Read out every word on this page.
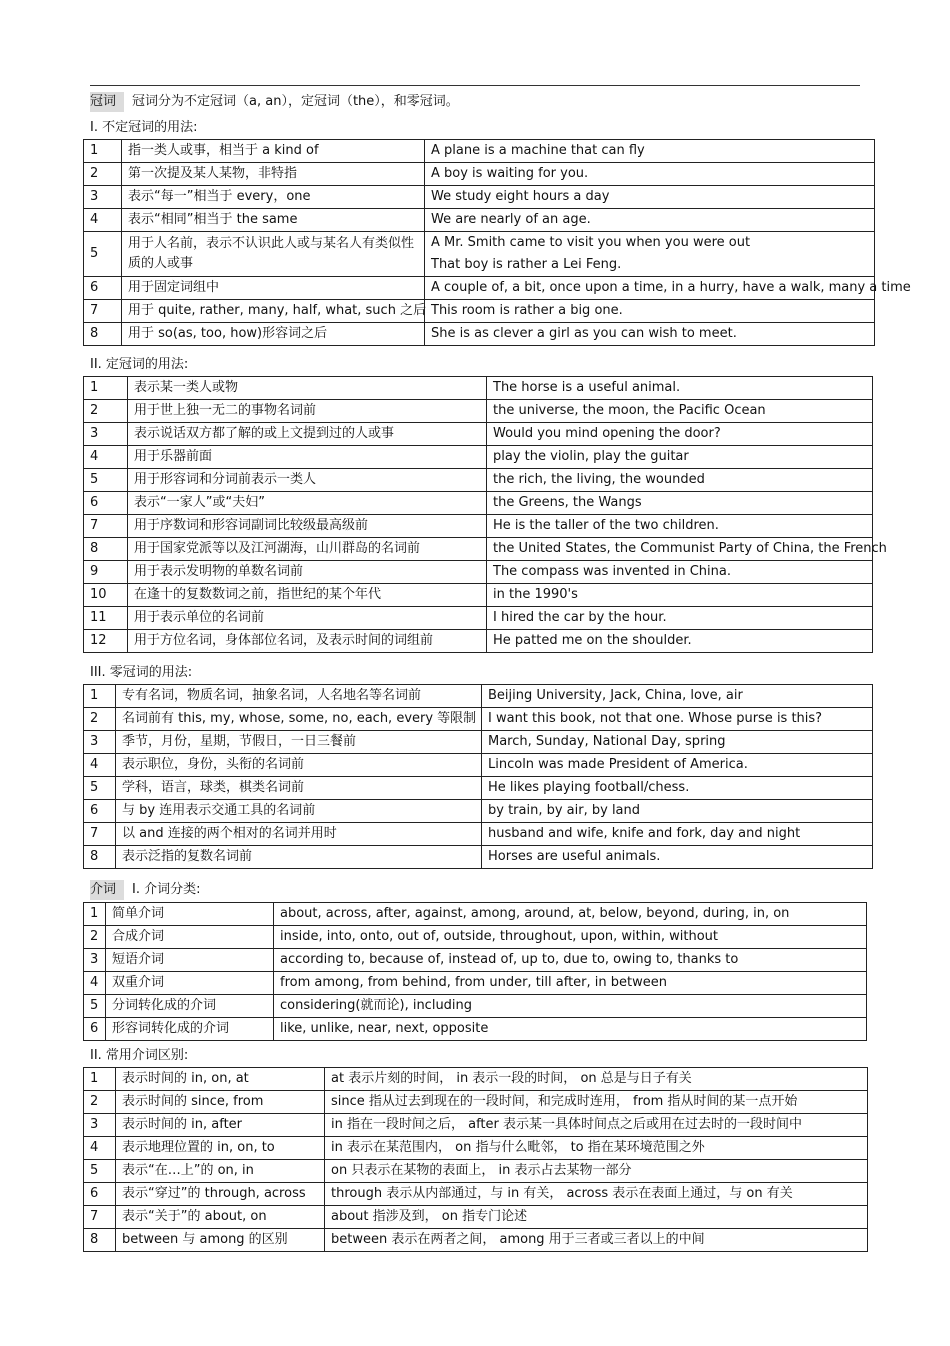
冠词 冠词分为不定冠词（a, an），定冠词（the），和零冠词。
I. 不定冠词的用法:
1	指一类人或事，相当于 a kind of	A plane is a machine that can fly
2	第一次提及某人某物，非特指	A boy is waiting for you.
3	表示“每一”相当于 every，one	We study eight hours a day
4	表示“相同”相当于 the same	We are nearly of an age.
5	用于人名前，表示不认识此人或与某名人有类似性质的人或事	A Mr. Smith came to visit you when you were out
That boy is rather a Lei Feng.

6	用于固定词组中	A couple of, a bit, once upon a time, in a hurry, have a walk, many a time
7	用于 quite, rather, many, half, what, such 之后	This room is rather a big one.
8	用于 so(as, too, how)形容词之后	She is as clever a girl as you can wish to meet.
II. 定冠词的用法:
1	表示某一类人或物	The horse is a useful animal.
2	用于世上独一无二的事物名词前	the universe, the moon, the Pacific Ocean
3	表示说话双方都了解的或上文提到过的人或事	Would you mind opening the door?
4	用于乐器前面	play the violin, play the guitar
5	用于形容词和分词前表示一类人	the rich, the living, the wounded
6	表示“一家人”或“夫妇”	the Greens, the Wangs
7	用于序数词和形容词副词比较级最高级前	He is the taller of the two children.
8	用于国家党派等以及江河湖海，山川群岛的名词前	the United States, the Communist Party of China, the French
9	用于表示发明物的单数名词前	The compass was invented in China.
10	在逢十的复数数词之前，指世纪的某个年代	in the 1990's
11	用于表示单位的名词前	I hired the car by the hour.
12	用于方位名词，身体部位名词，及表示时间的词组前	He patted me on the shoulder.
III. 零冠词的用法:
1	专有名词，物质名词，抽象名词，人名地名等名词前	Beijing University, Jack, China, love, air
2	名词前有 this, my, whose, some, no, each, every 等限制	I want this book, not that one. Whose purse is this?
3	季节，月份，星期，节假日，一日三餐前	March, Sunday, National Day, spring
4	表示职位，身份，头衔的名词前	Lincoln was made President of America.
5	学科，语言，球类，棋类名词前	He likes playing football/chess.
6	与 by 连用表示交通工具的名词前	by train, by air, by land
7	以 and 连接的两个相对的名词并用时	husband and wife, knife and fork, day and night
8	表示泛指的复数名词前	Horses are useful animals.
介词 I. 介词分类:
1	简单介词	about, across, after, against, among, around, at, below, beyond, during, in, on
2	合成介词	inside, into, onto, out of, outside, throughout, upon, within, without
3	短语介词	according to, because of, instead of, up to, due to, owing to, thanks to
4	双重介词	from among, from behind, from under, till after, in between
5	分词转化成的介词	considering(就而论), including
6	形容词转化成的介词	like, unlike, near, next, opposite
II. 常用介词区别:
1	表示时间的 in, on, at	at 表示片刻的时间， in 表示一段的时间， on 总是与日子有关
2	表示时间的 since, from	since 指从过去到现在的一段时间，和完成时连用， from 指从时间的某一点开始
3	表示时间的 in, after	in 指在一段时间之后， after 表示某一具体时间点之后或用在过去时的一段时间中
4	表示地理位置的 in, on, to	in 表示在某范围内， on 指与什么毗邻， to 指在某环境范围之外
5	表示“在…上”的 on, in	on 只表示在某物的表面上， in 表示占去某物一部分
6	表示“穿过”的 through, across	through 表示从内部通过，与 in 有关， across 表示在表面上通过，与 on 有关
7	表示“关于”的 about, on	about 指涉及到， on 指专门论述
8	between 与 among 的区别	between 表示在两者之间， among 用于三者或三者以上的中间
